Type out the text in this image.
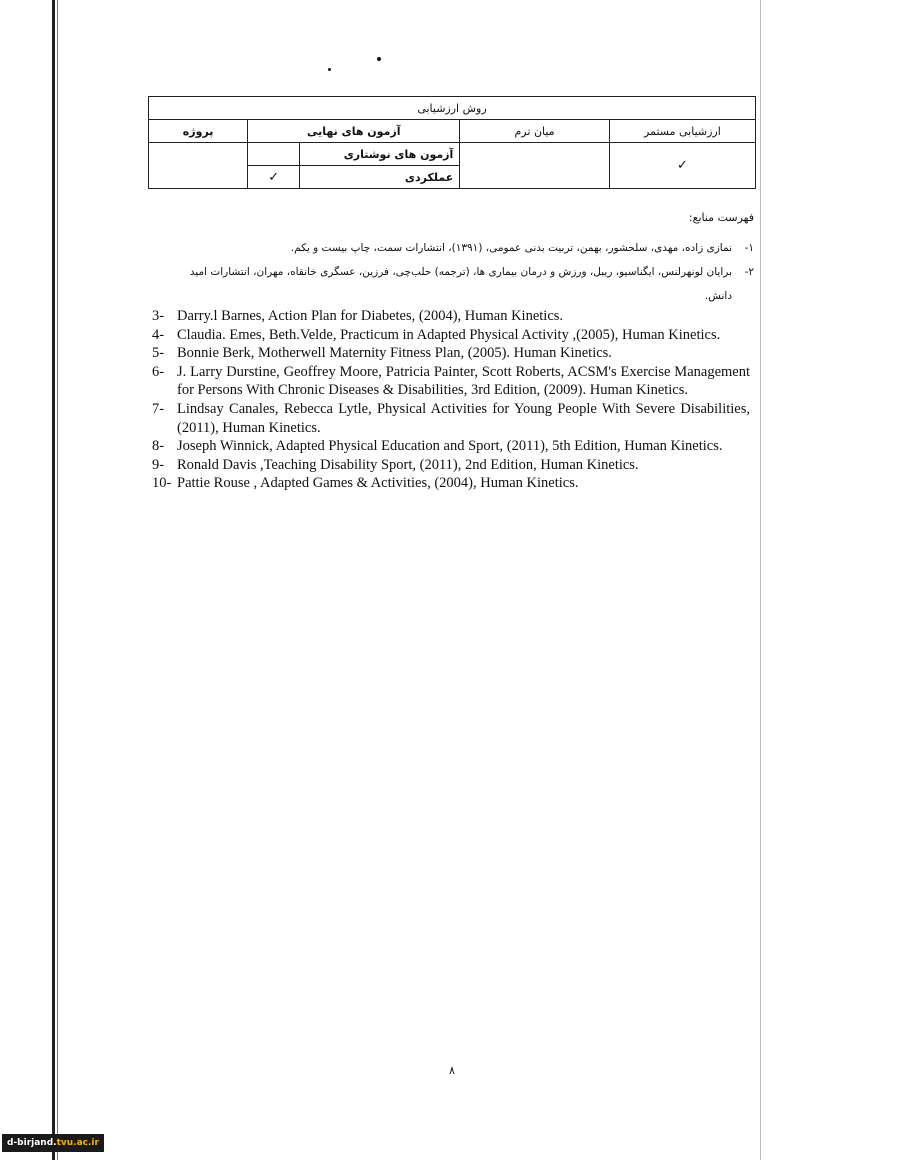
روش ارزشیابی				
ارزشیابی مستمر	میان ترم	آزمون های نهایی		پروژه
✓		آزمون های نوشتاری		
		عملکردی	✓	
فهرست منابع:
۱-
نمازی زاده، مهدی، سلحشور، بهمن، تربیت بدنی عمومی، (۱۳۹۱)، انتشارات سمت، چاپ بیست و یکم.
۲-
برایان لونهرلنس، ایگناسیو، ریبل، ورزش و درمان بیماری ها، (ترجمه) حلب‌چی، فرزین، عسگری خانقاه، مهران، انتشارات امید دانش.
3- Darry.l Barnes, Action Plan for Diabetes, (2004), Human Kinetics.
4- Claudia. Emes, Beth.Velde, Practicum in Adapted Physical Activity ,(2005), Human Kinetics.
5- Bonnie Berk, Motherwell Maternity Fitness Plan, (2005). Human Kinetics.
6- J. Larry Durstine, Geoffrey Moore, Patricia Painter, Scott Roberts, ACSM's Exercise Management for Persons With Chronic Diseases & Disabilities, 3rd Edition, (2009). Human Kinetics.
7- Lindsay Canales, Rebecca Lytle, Physical Activities for Young People With Severe Disabilities, (2011), Human Kinetics.
8- Joseph Winnick, Adapted Physical Education and Sport, (2011), 5th Edition, Human Kinetics.
9- Ronald Davis ,Teaching Disability Sport, (2011), 2nd Edition, Human Kinetics.
10- Pattie Rouse , Adapted Games & Activities, (2004), Human Kinetics.
۸
d-birjand.tvu.ac.ir
